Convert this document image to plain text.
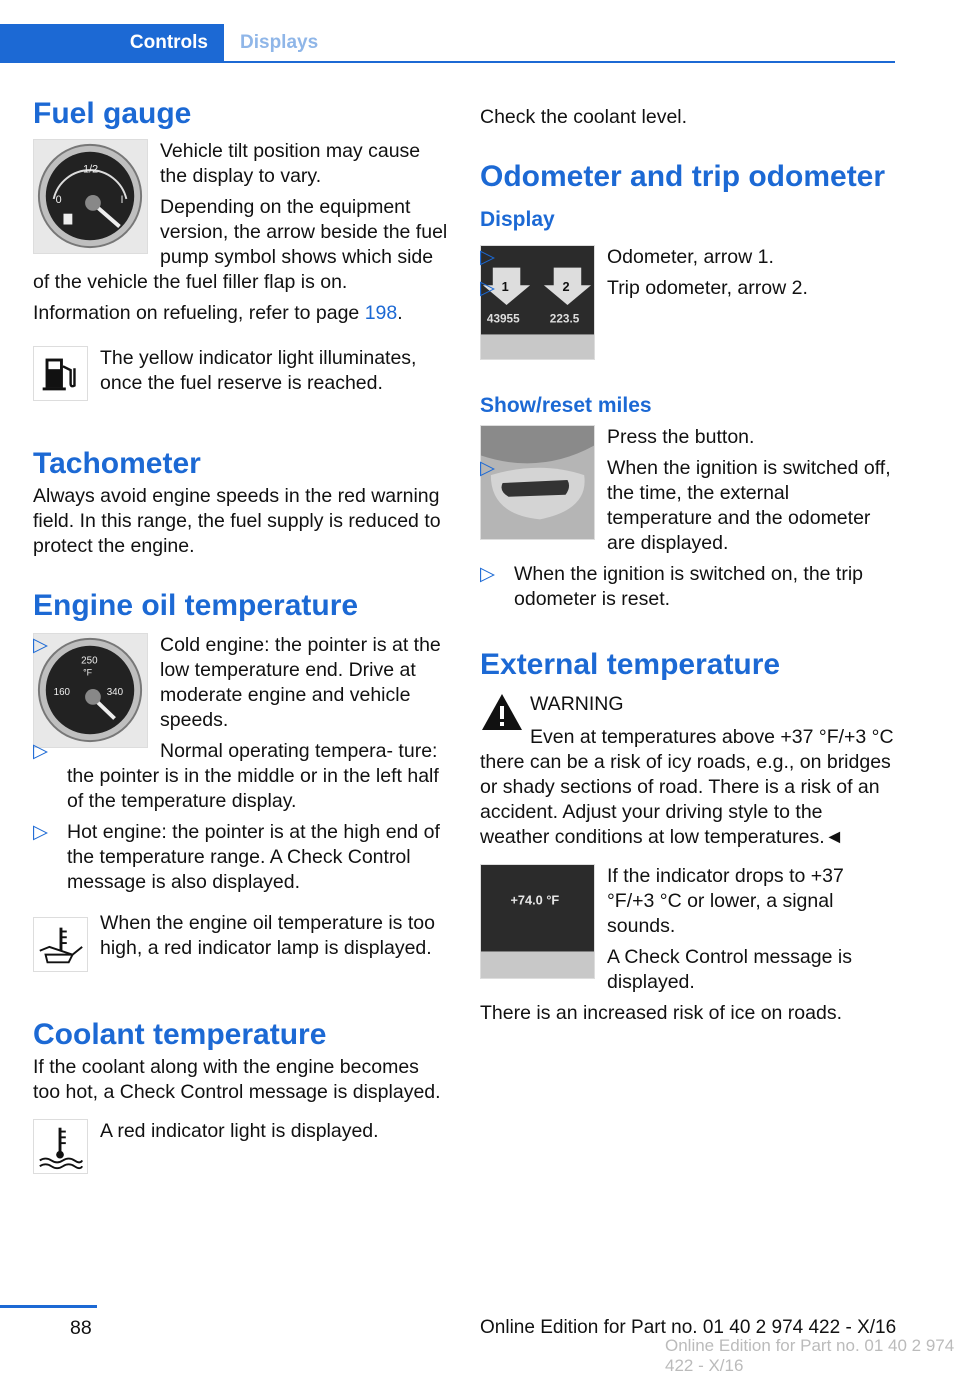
Controls Displays
Fuel gauge
1/2
0	I

Vehicle tilt position may cause the display to vary.

Depending on the equipment version, the arrow beside the fuel pump symbol shows which side of the vehicle the fuel filler flap is on.

Information on refueling, refer to page 198.

The yellow indicator light illuminates, once the fuel reserve is reached.

Tachometer

Always avoid engine speeds in the red warning field. In this range, the fuel supply is reduced to protect the engine.

Engine oil temperature
250
°F
160	340
▷	Cold engine: the pointer is at the low temperature end. Drive at moderate engine and vehicle speeds.
▷	Normal operating tempera‐ ture: the pointer is in the middle or in the left half of the temperature display.
▷ Hot engine: the pointer is at the high end of the temperature range. A Check Control message is also displayed.

When the engine oil temperature is too high, a red indicator lamp is displayed.

Coolant temperature

If the coolant along with the engine becomes too hot, a Check Control message is displayed.

A red indicator light is displayed.

Check the coolant level.

Odometer and trip odometer
Display
1	2
43955	223.5
▷	Odometer, arrow 1.
▷	Trip odometer, arrow 2.
Show/reset miles

Press the button.

▷	When the ignition is switched off, the time, the external temperature and the odometer are displayed.
▷ When the ignition is switched on, the trip odometer is reset.
External temperature

WARNING

Even at temperatures above +37 °F/+3 °C

there can be a risk of icy roads, e.g., on bridges or shady sections of road. There is a risk of an accident. Adjust your driving style to the weather conditions at low temperatures.◄

+74.0 °F

If the indicator drops to +37 °F/+3 °C or lower, a signal sounds.

A Check Control message is displayed.

There is an increased risk of ice on roads.

88	Online Edition for Part no. 01 40 2 974 422 - X/16
Online Edition for Part no. 01 40 2 974 422 - X/16
